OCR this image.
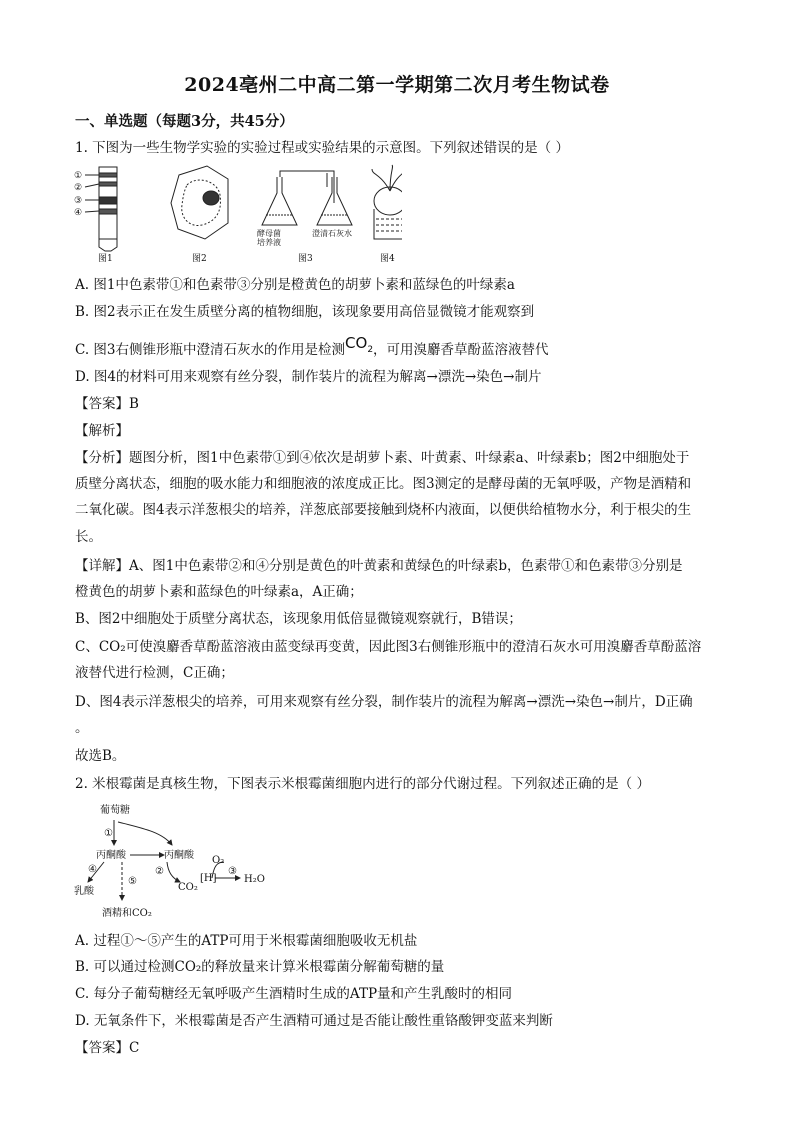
2024亳州二中高二第一学期第二次月考生物试卷
一、单选题（每题3分，共45分）
1. 下图为一些生物学实验的实验过程或实验结果的示意图。下列叙述错误的是（ ）
①
②
③
④
图1	图2
酵母菌
培养液
澄清石灰水
图3	图4
A. 图1中色素带①和色素带③分别是橙黄色的胡萝卜素和蓝绿色的叶绿素a
B. 图2表示正在发生质壁分离的植物细胞，该现象要用高倍显微镜才能观察到
C. 图3右侧锥形瓶中澄清石灰水的作用是检测$CO_2$，可用溴麝香草酚蓝溶液替代
D. 图4的材料可用来观察有丝分裂，制作装片的流程为解离→漂洗→染色→制片
【答案】B
【解析】
【分析】题图分析，图1中色素带①到④依次是胡萝卜素、叶黄素、叶绿素a、叶绿素b；图2中细胞处于
质壁分离状态，细胞的吸水能力和细胞液的浓度成正比。图3测定的是酵母菌的无氧呼吸，产物是酒精和
二氧化碳。图4表示洋葱根尖的培养，洋葱底部要接触到烧杯内液面，以便供给植物水分，利于根尖的生
长。
【详解】A、图1中色素带②和④分别是黄色的叶黄素和黄绿色的叶绿素b，色素带①和色素带③分别是
橙黄色的胡萝卜素和蓝绿色的叶绿素a，A正确；
B、图2中细胞处于质壁分离状态，该现象用低倍显微镜观察就行，B错误；
C、CO₂可使溴麝香草酚蓝溶液由蓝变绿再变黄，因此图3右侧锥形瓶中的澄清石灰水可用溴麝香草酚蓝溶
液替代进行检测，C正确；
D、图4表示洋葱根尖的培养，可用来观察有丝分裂，制作装片的流程为解离→漂洗→染色→制片，D正确
。
故选B。
2. 米根霉菌是真核生物，下图表示米根霉菌细胞内进行的部分代谢过程。下列叙述正确的是（ ）
葡萄糖
①
丙酮酸	丙酮酸
②
CO₂
[H]
O₂
③
H₂O
④
乳酸
⑤
酒精和CO₂
A. 过程①～⑤产生的ATP可用于米根霉菌细胞吸收无机盐
B. 可以通过检测CO₂的释放量来计算米根霉菌分解葡萄糖的量
C. 每分子葡萄糖经无氧呼吸产生酒精时生成的ATP量和产生乳酸时的相同
D. 无氧条件下，米根霉菌是否产生酒精可通过是否能让酸性重铬酸钾变蓝来判断
【答案】C
